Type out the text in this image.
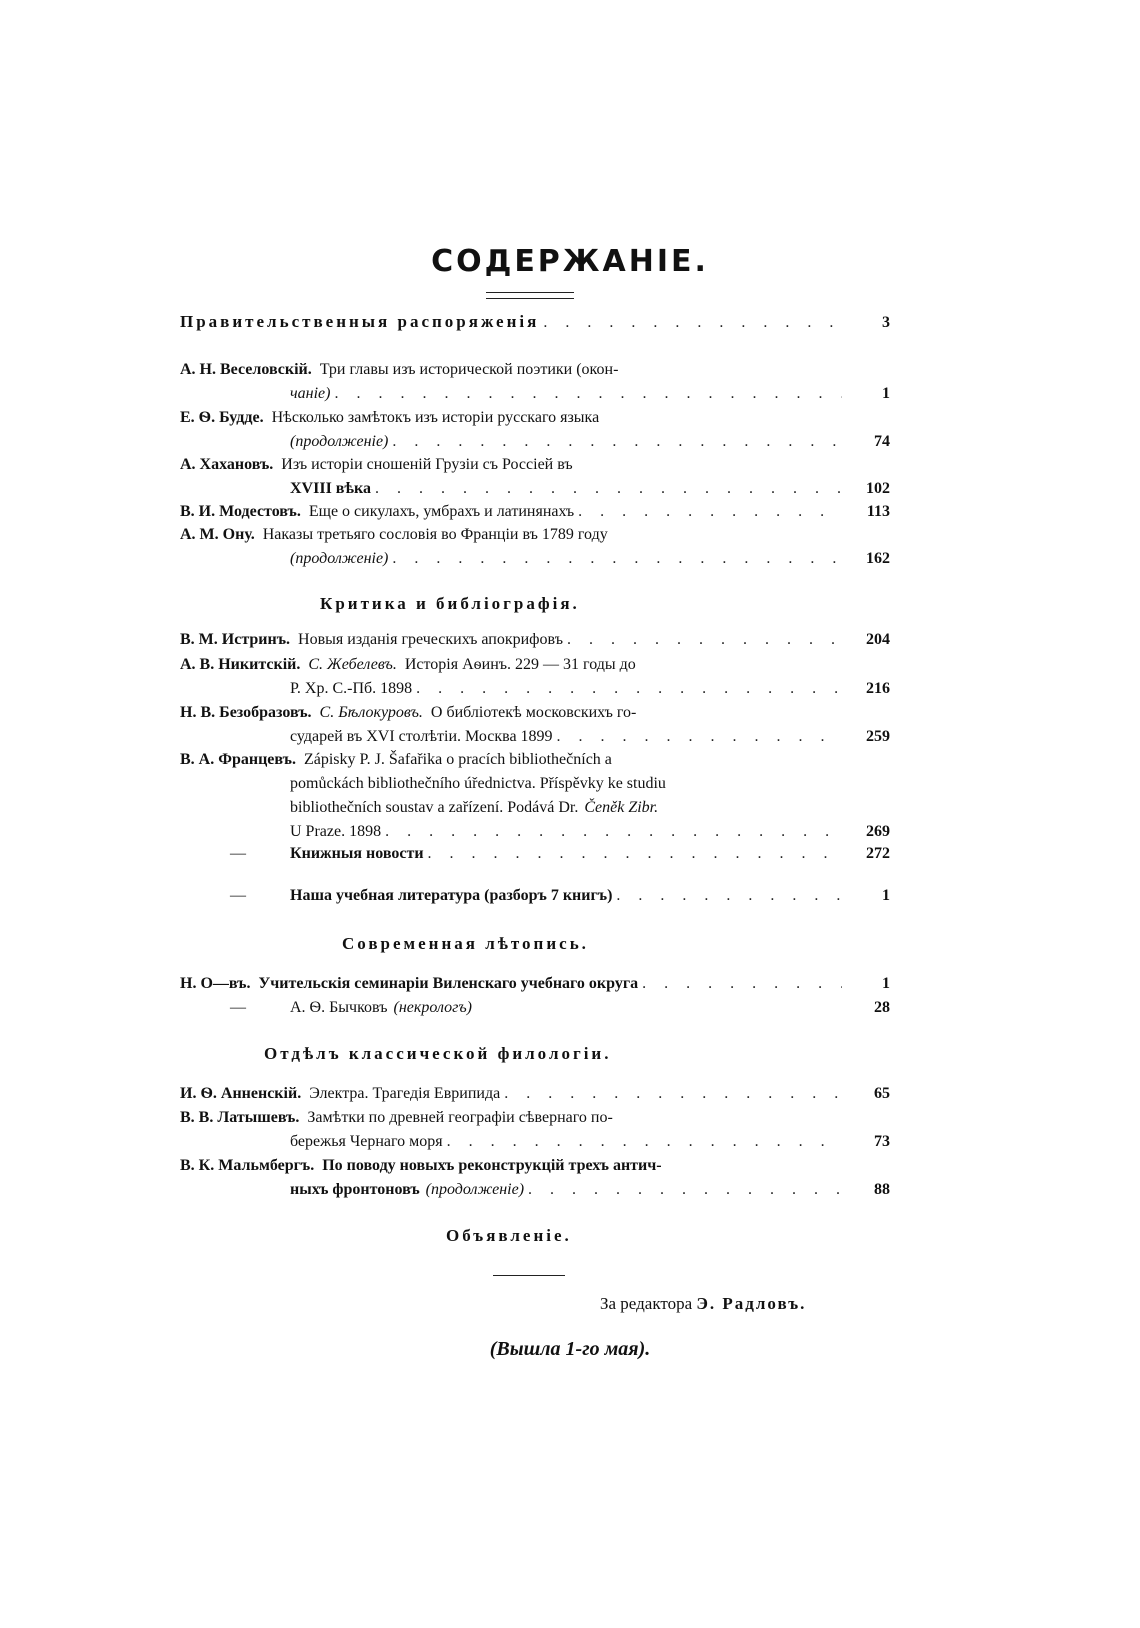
СОДЕРЖАНІЕ.
Правительственныя распоряженія . . .	3
А. Н. Веселовскій. Три главы изъ исторической поэтики (окон-
чаніе) . . .	1
Е. Ѳ. Будде. Нѣсколько замѣтокъ изъ исторіи русскаго языка
(продолженіе) . . .	74
А. Хахановъ. Изъ исторіи сношеній Грузіи съ Россіей въ
XVIII вѣка . . .	102
В. И. Модестовъ. Еще о сикулахъ, умбрахъ и латинянахъ . . .	113
А. М. Ону. Наказы третьяго сословія во Франціи въ 1789 году
(продолженіе) . . .	162
Критика и библіографія.
В. М. Истринъ. Новыя изданія греческихъ апокрифовъ . . .	204
А. В. Никитскій. С. Жебелевъ. Исторія Аѳинъ. 229 — 31 годы до
Р. Хр. С.-Пб. 1898 . . .	216
Н. В. Безобразовъ. С. Бѣлокуровъ. О библіотекѣ московскихъ го-
сударей въ XVI столѣтіи. Москва 1899 . . .	259
В. А. Францевъ. Zápisky P. J. Šafařika o pracích bibliothečních a
pomůckách bibliothečního úřednictva. Příspěvky ke studiu
bibliothečních soustav a zařízení. Podává Dr. Čeněk Zibr.
U Praze. 1898 . . .	269
—	Книжныя новости . . .	272
—	Наша учебная литература (разборъ 7 книгъ) . . .	1
Современная лѣтопись.
Н. О—въ. Учительскія семинаріи Виленскаго учебнаго округа . . .	1
—	А. Ѳ. Бычковъ (некрологъ)	28
Отдѣлъ классической филологіи.
И. Ѳ. Анненскій. Электра. Трагедія Еврипида . . .	65
В. В. Латышевъ. Замѣтки по древней географіи сѣвернаго по-
бережья Чернаго моря . . .	73
В. К. Мальмбергъ. По поводу новыхъ реконструкцій трехъ антич-
ныхъ фронтоновъ (продолженіе) . . .	88
Объявленіе.
За редактора Э. Радловъ.
(Вышла 1-го мая).
